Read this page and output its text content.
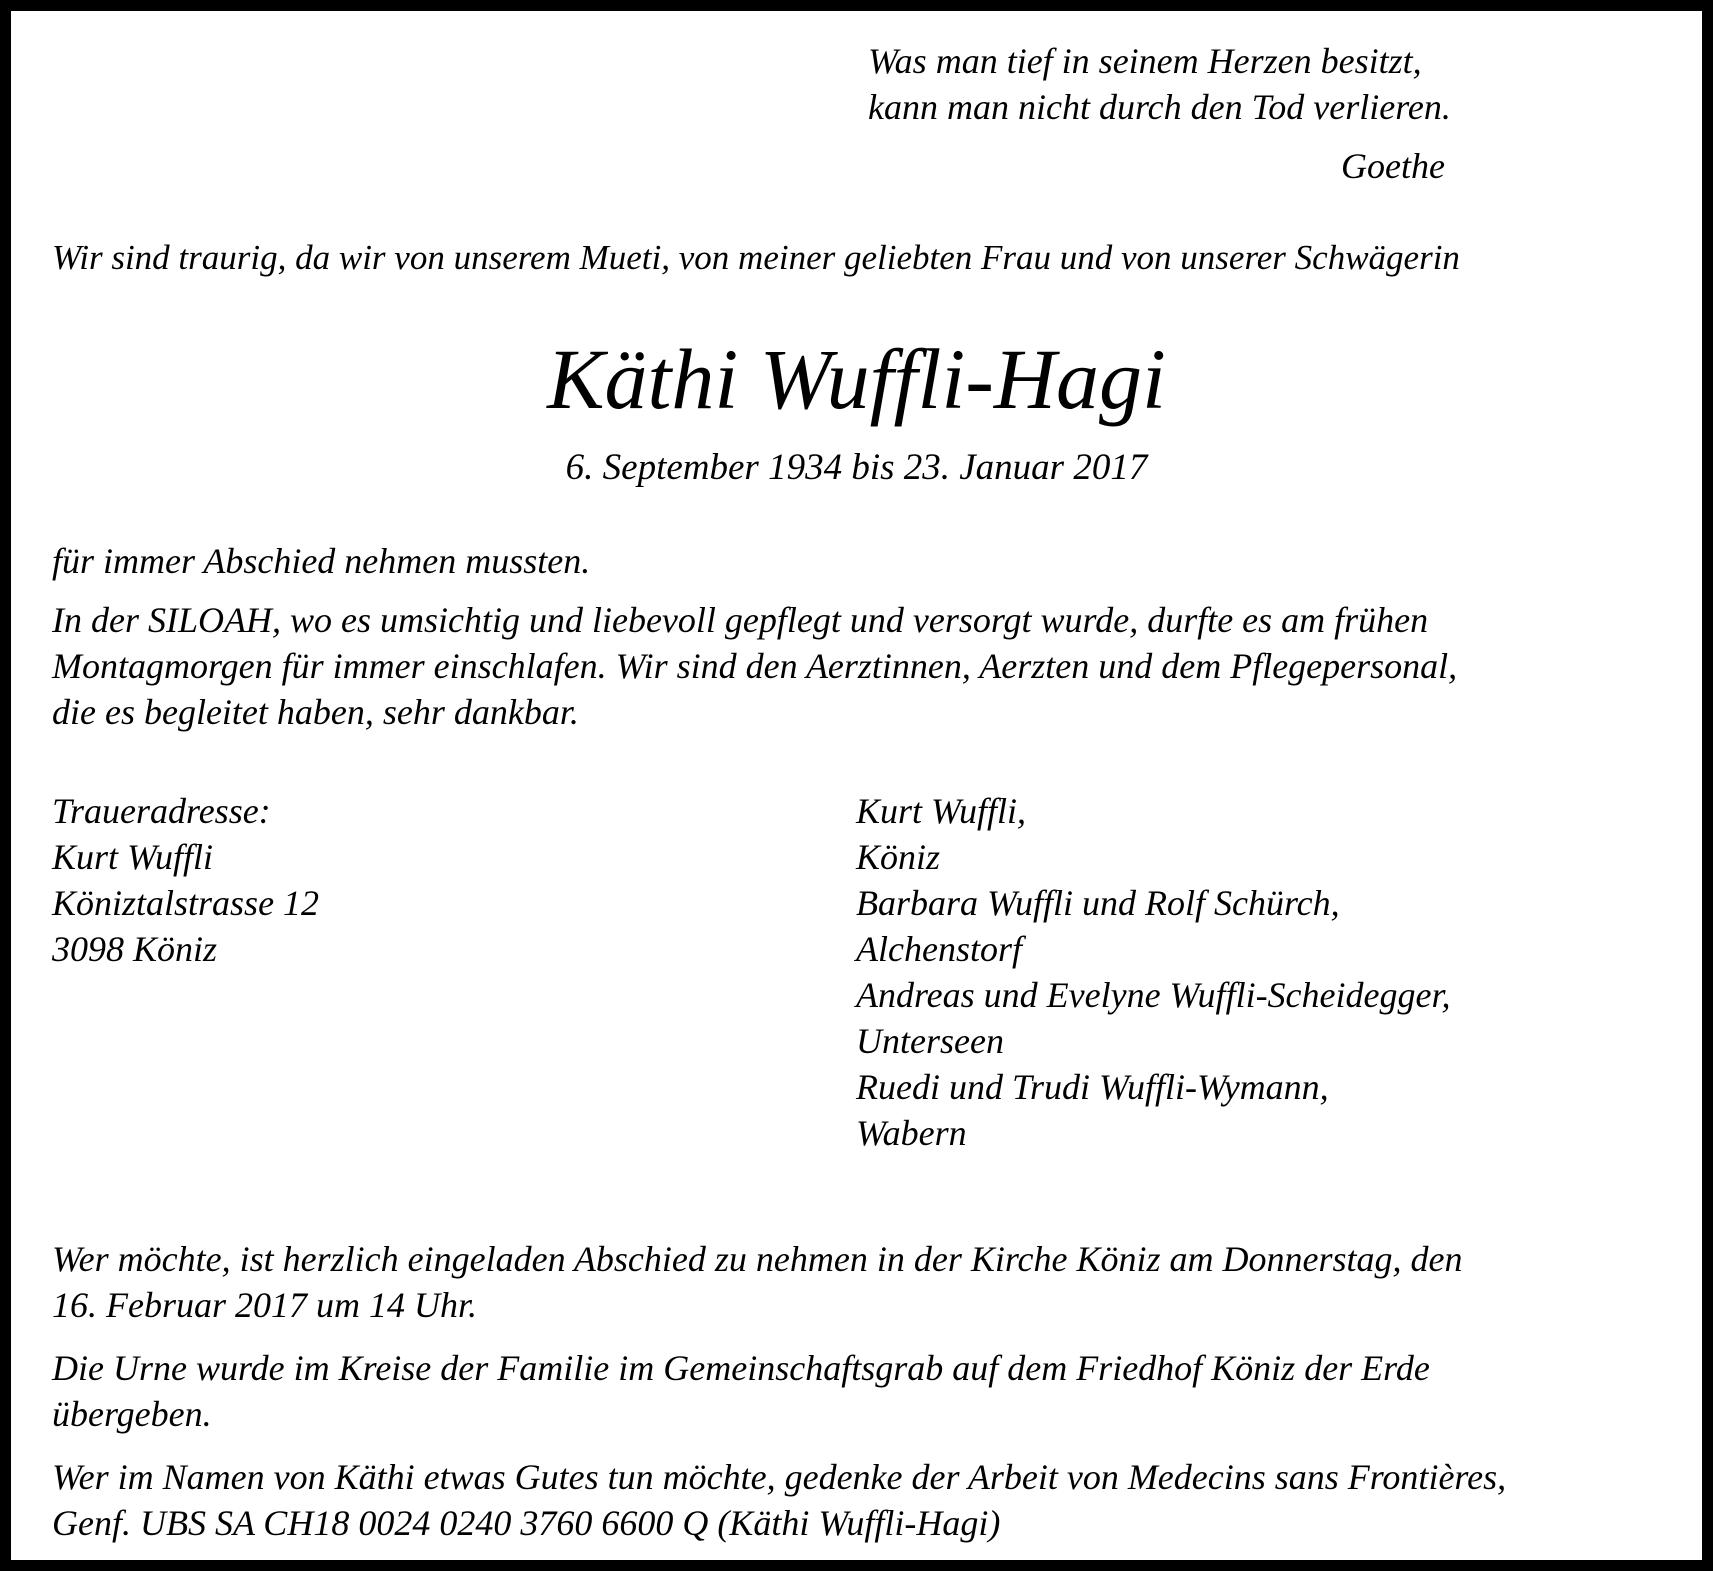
Was man tief in seinem Herzen besitzt,
kann man nicht durch den Tod verlieren.
Goethe
Wir sind traurig, da wir von unserem Mueti, von meiner geliebten Frau und von unserer Schwägerin
Käthi Wuffli-Hagi
6. September 1934 bis 23. Januar 2017
für immer Abschied nehmen mussten.
In der SILOAH, wo es umsichtig und liebevoll gepflegt und versorgt wurde, durfte es am frühen
Montagmorgen für immer einschlafen. Wir sind den Aerztinnen, Aerzten und dem Pflegepersonal,
die es begleitet haben, sehr dankbar.
Traueradresse:
Kurt Wuffli
Köniztalstrasse 12
3098 Köniz
Kurt Wuffli,
Köniz
Barbara Wuffli und Rolf Schürch,
Alchenstorf
Andreas und Evelyne Wuffli-Scheidegger,
Unterseen
Ruedi und Trudi Wuffli-Wymann,
Wabern
Wer möchte, ist herzlich eingeladen Abschied zu nehmen in der Kirche Köniz am Donnerstag, den
16. Februar 2017 um 14 Uhr.
Die Urne wurde im Kreise der Familie im Gemeinschaftsgrab auf dem Friedhof Köniz der Erde
übergeben.
Wer im Namen von Käthi etwas Gutes tun möchte, gedenke der Arbeit von Medecins sans Frontières,
Genf. UBS SA CH18 0024 0240 3760 6600 Q (Käthi Wuffli-Hagi)
